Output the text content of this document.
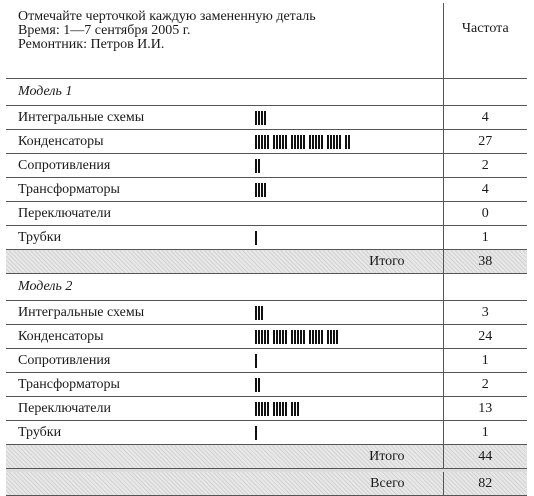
Отмечайте черточкой каждую замененную деталь
Время: 1—7 сентября 2005 г.
Ремонтник: Петров И.И.		Частота
Модель 1		
Интегральные схемы		4
Конденсаторы		27
Сопротивления		2
Трансформаторы		4
Переключатели		0
Трубки		1
Итого		38
Модель 2		
Интегральные схемы		3
Конденсаторы		24
Сопротивления		1
Трансформаторы		2
Переключатели		13
Трубки		1
Итого		44

Всего		82
